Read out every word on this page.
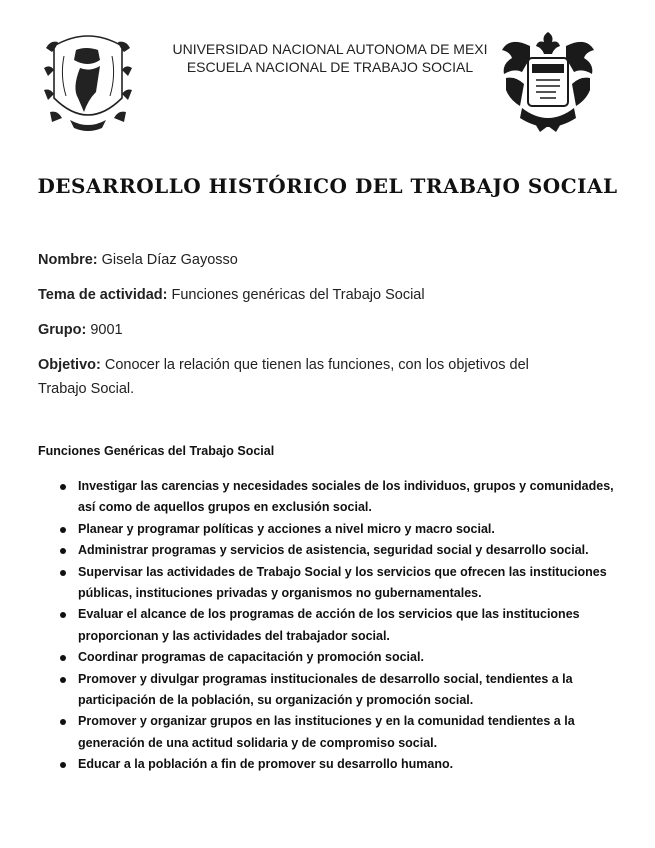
UNIVERSIDAD NACIONAL AUTONOMA DE MEXI
ESCUELA NACIONAL DE TRABAJO SOCIAL
DESARROLLO HISTÓRICO DEL TRABAJO SOCIAL

Nombre: Gisela Díaz Gayosso

Tema de actividad: Funciones genéricas del Trabajo Social

Grupo: 9001

Objetivo: Conocer la relación que tienen las funciones, con los objetivos del Trabajo Social.

Funciones Genéricas del Trabajo Social
Investigar las carencias y necesidades sociales de los individuos, grupos y comunidades, así como de aquellos grupos en exclusión social.
Planear y programar políticas y acciones a nivel micro y macro social.
Administrar programas y servicios de asistencia, seguridad social y desarrollo social.
Supervisar las actividades de Trabajo Social y los servicios que ofrecen las instituciones públicas, instituciones privadas y organismos no gubernamentales.
Evaluar el alcance de los programas de acción de los servicios que las instituciones proporcionan y las actividades del trabajador social.
Coordinar programas de capacitación y promoción social.
Promover y divulgar programas institucionales de desarrollo social, tendientes a la participación de la población, su organización y promoción social.
Promover y organizar grupos en las instituciones y en la comunidad tendientes a la generación de una actitud solidaria y de compromiso social.
Educar a la población a fin de promover su desarrollo humano.
